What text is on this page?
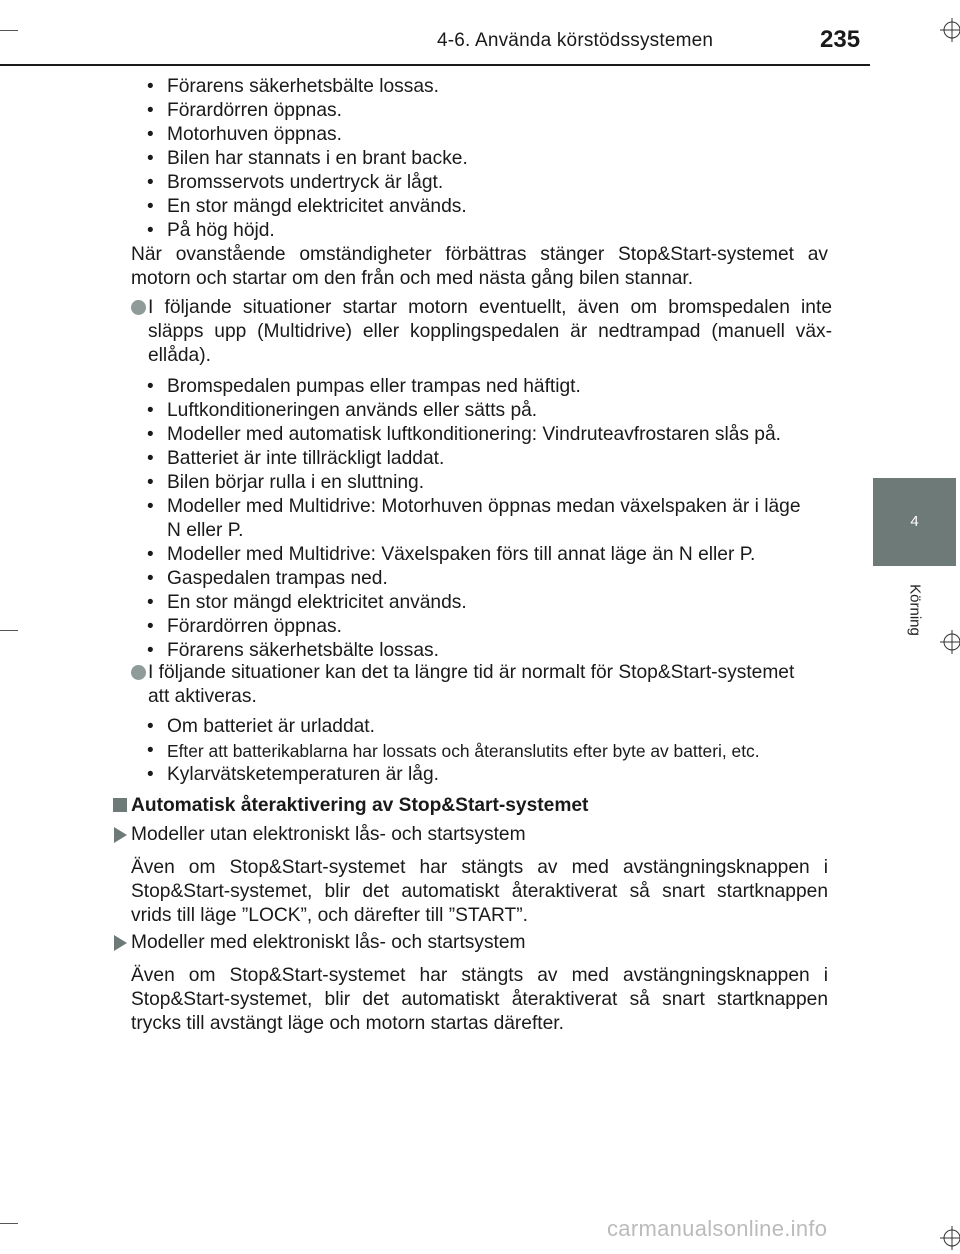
4-6. Använda körstödssystemen	235
4
Körning
• Förarens säkerhetsbälte lossas.
• Förardörren öppnas.
• Motorhuven öppnas.
• Bilen har stannats i en brant backe.
• Bromsservots undertryck är lågt.
• En stor mängd elektricitet används.
• På hög höjd.
När ovanstående omständigheter förbättras stänger Stop&Start-systemet av
motorn och startar om den från och med nästa gång bilen stannar.
I följande situationer startar motorn eventuellt, även om bromspedalen inte
släpps upp (Multidrive) eller kopplingspedalen är nedtrampad (manuell väx-
ellåda).
• Bromspedalen pumpas eller trampas ned häftigt.
• Luftkonditioneringen används eller sätts på.
• Modeller med automatisk luftkonditionering: Vindruteavfrostaren slås på.
• Batteriet är inte tillräckligt laddat.
• Bilen börjar rulla i en sluttning.
• Modeller med Multidrive: Motorhuven öppnas medan växelspaken är i läge
N eller P.
• Modeller med Multidrive: Växelspaken förs till annat läge än N eller P.
• Gaspedalen trampas ned.
• En stor mängd elektricitet används.
• Förardörren öppnas.
• Förarens säkerhetsbälte lossas.
I följande situationer kan det ta längre tid är normalt för Stop&Start-systemet
att aktiveras.
• Om batteriet är urladdat.
• Efter att batterikablarna har lossats och återanslutits efter byte av batteri, etc.
• Kylarvätsketemperaturen är låg.
Automatisk återaktivering av Stop&Start-systemet
Modeller utan elektroniskt lås- och startsystem
Även om Stop&Start-systemet har stängts av med avstängningsknappen i
Stop&Start-systemet, blir det automatiskt återaktiverat så snart startknappen
vrids till läge ”LOCK”, och därefter till ”START”.
Modeller med elektroniskt lås- och startsystem
Även om Stop&Start-systemet har stängts av med avstängningsknappen i
Stop&Start-systemet, blir det automatiskt återaktiverat så snart startknappen
trycks till avstängt läge och motorn startas därefter.
carmanualsonline.info
